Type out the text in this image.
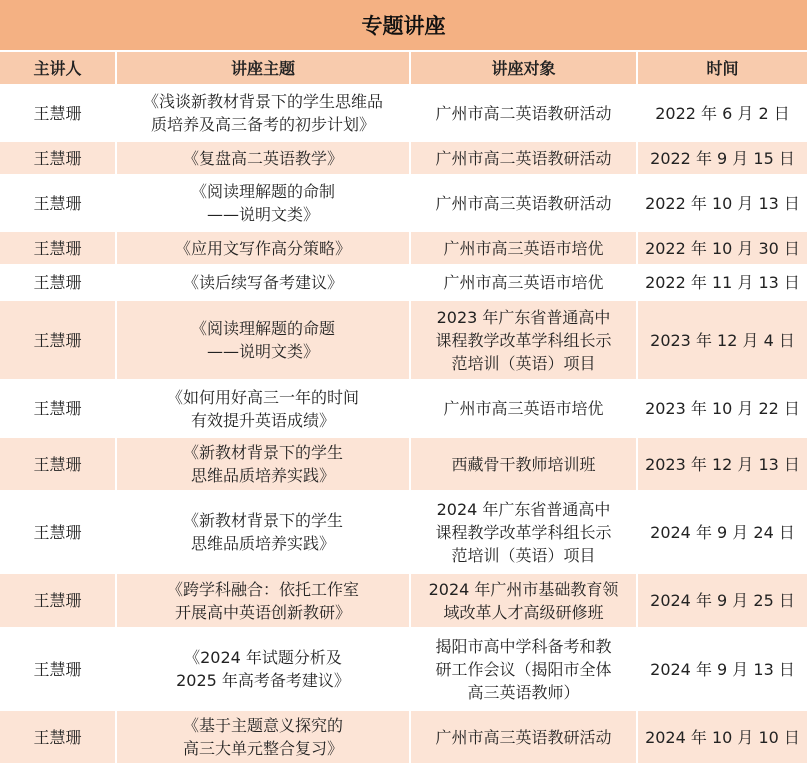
专题讲座
主讲人	讲座主题	讲座对象	时间
王慧珊	《浅谈新教材背景下的学生思维品
质培养及高三备考的初步计划》	广州市高二英语教研活动	2022 年 6 月 2 日
王慧珊	《复盘高二英语教学》	广州市高二英语教研活动	2022 年 9 月 15 日
王慧珊	《阅读理解题的命制
——说明文类》	广州市高三英语教研活动	2022 年 10 月 13 日
王慧珊	《应用文写作高分策略》	广州市高三英语市培优	2022 年 10 月 30 日
王慧珊	《读后续写备考建议》	广州市高三英语市培优	2022 年 11 月 13 日
王慧珊	《阅读理解题的命题
——说明文类》	2023 年广东省普通高中
课程教学改革学科组长示
范培训（英语）项目	2023 年 12 月 4 日
王慧珊	《如何用好高三一年的时间
有效提升英语成绩》	广州市高三英语市培优	2023 年 10 月 22 日
王慧珊	《新教材背景下的学生
思维品质培养实践》	西藏骨干教师培训班	2023 年 12 月 13 日
王慧珊	《新教材背景下的学生
思维品质培养实践》	2024 年广东省普通高中
课程教学改革学科组长示
范培训（英语）项目	2024 年 9 月 24 日
王慧珊	《跨学科融合：依托工作室
开展高中英语创新教研》	2024 年广州市基础教育领
域改革人才高级研修班	2024 年 9 月 25 日
王慧珊	《2024 年试题分析及
2025 年高考备考建议》	揭阳市高中学科备考和教
研工作会议（揭阳市全体
高三英语教师）	2024 年 9 月 13 日
王慧珊	《基于主题意义探究的
高三大单元整合复习》	广州市高三英语教研活动	2024 年 10 月 10 日
